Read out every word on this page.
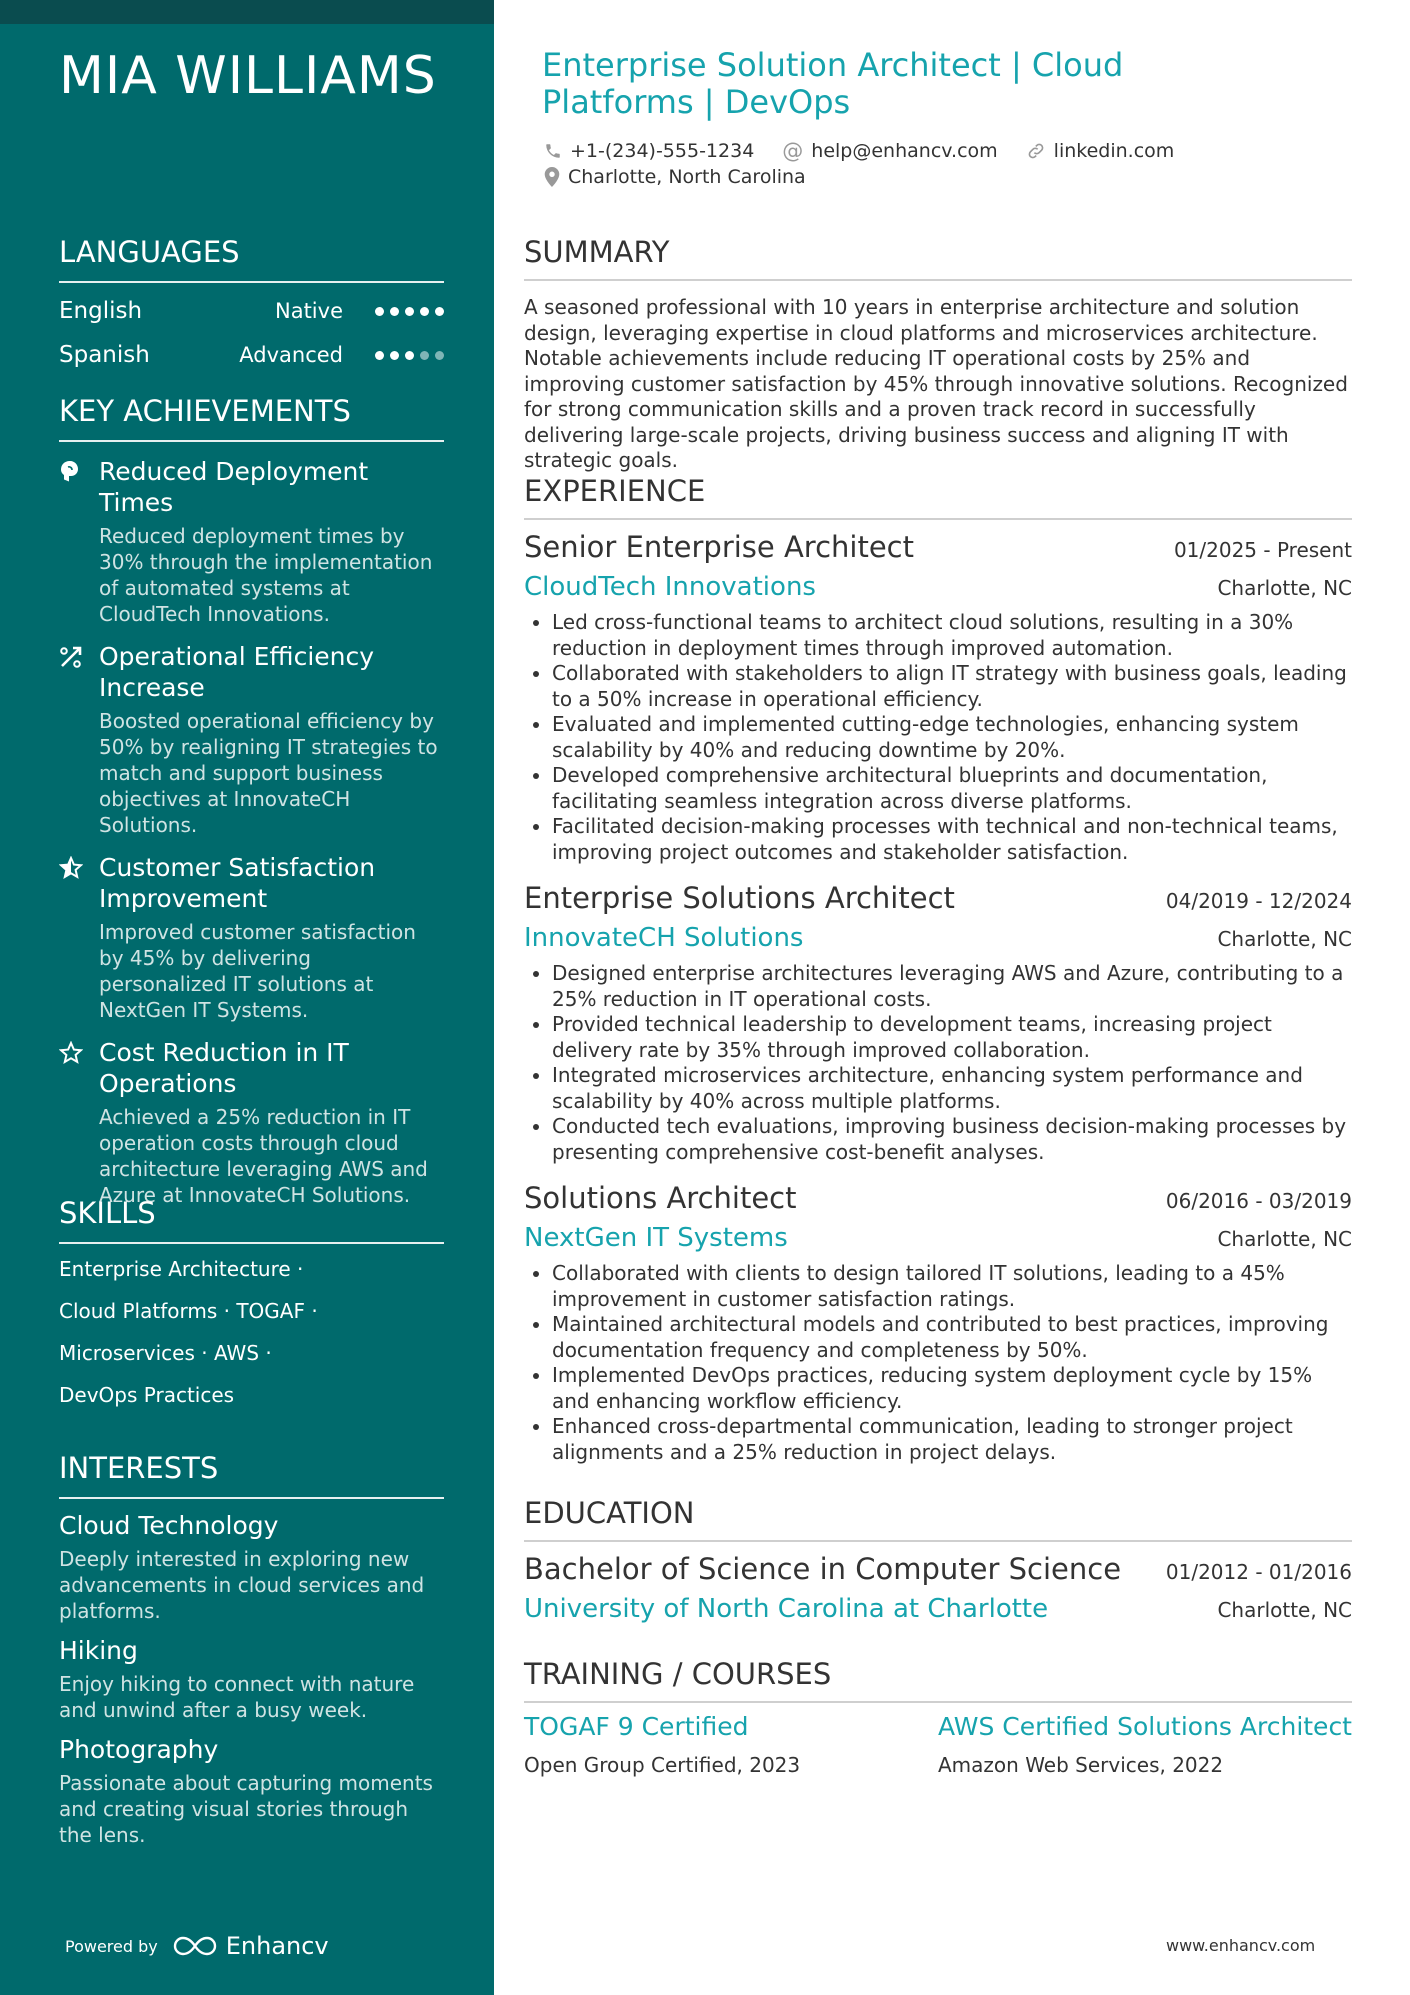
MIA WILLIAMS
LANGUAGES
English	Native
Spanish	Advanced
KEY ACHIEVEMENTS
Reduced Deployment Times
Reduced deployment times by 30% through the implementation of automated systems at CloudTech Innovations.
Operational Efficiency Increase
Boosted operational efficiency by 50% by realigning IT strategies to match and support business objectives at InnovateCH Solutions.
Customer Satisfaction Improvement
Improved customer satisfaction by 45% by delivering personalized IT solutions at NextGen IT Systems.
Cost Reduction in IT Operations
Achieved a 25% reduction in IT operation costs through cloud architecture leveraging AWS and Azure at InnovateCH Solutions.
SKILLS
Enterprise Architecture ·
Cloud Platforms · TOGAF ·
Microservices · AWS ·
DevOps Practices
INTERESTS
Cloud Technology
Deeply interested in exploring new advancements in cloud services and platforms.
Hiking
Enjoy hiking to connect with nature and unwind after a busy week.
Photography
Passionate about capturing moments and creating visual stories through the lens.
Powered by	Enhancv
Enterprise Solution Architect | Cloud Platforms | DevOps
+1-(234)-555-1234 @ help@enhancv.com	linkedin.com
Charlotte, North Carolina
SUMMARY

A seasoned professional with 10 years in enterprise architecture and solution design, leveraging expertise in cloud platforms and microservices architecture. Notable achievements include reducing IT operational costs by 25% and improving customer satisfaction by 45% through innovative solutions. Recognized for strong communication skills and a proven track record in successfully delivering large-scale projects, driving business success and aligning IT with strategic goals.

EXPERIENCE
Senior Enterprise Architect	01/2025 - Present
CloudTech Innovations	Charlotte, NC
• Led cross-functional teams to architect cloud solutions, resulting in a 30% reduction in deployment times through improved automation.
• Collaborated with stakeholders to align IT strategy with business goals, leading to a 50% increase in operational efficiency.
• Evaluated and implemented cutting-edge technologies, enhancing system scalability by 40% and reducing downtime by 20%.
• Developed comprehensive architectural blueprints and documentation, facilitating seamless integration across diverse platforms.
• Facilitated decision-making processes with technical and non-technical teams, improving project outcomes and stakeholder satisfaction.
Enterprise Solutions Architect	04/2019 - 12/2024
InnovateCH Solutions	Charlotte, NC
• Designed enterprise architectures leveraging AWS and Azure, contributing to a 25% reduction in IT operational costs.
• Provided technical leadership to development teams, increasing project delivery rate by 35% through improved collaboration.
• Integrated microservices architecture, enhancing system performance and scalability by 40% across multiple platforms.
• Conducted tech evaluations, improving business decision-making processes by presenting comprehensive cost-benefit analyses.
Solutions Architect	06/2016 - 03/2019
NextGen IT Systems	Charlotte, NC
• Collaborated with clients to design tailored IT solutions, leading to a 45% improvement in customer satisfaction ratings.
• Maintained architectural models and contributed to best practices, improving documentation frequency and completeness by 50%.
• Implemented DevOps practices, reducing system deployment cycle by 15% and enhancing workflow efficiency.
• Enhanced cross-departmental communication, leading to stronger project alignments and a 25% reduction in project delays.
EDUCATION
Bachelor of Science in Computer Science 01/2012 - 01/2016
University of North Carolina at Charlotte	Charlotte, NC
TRAINING / COURSES
TOGAF 9 Certified
Open Group Certified, 2023
AWS Certified Solutions Architect
Amazon Web Services, 2022
www.enhancv.com
